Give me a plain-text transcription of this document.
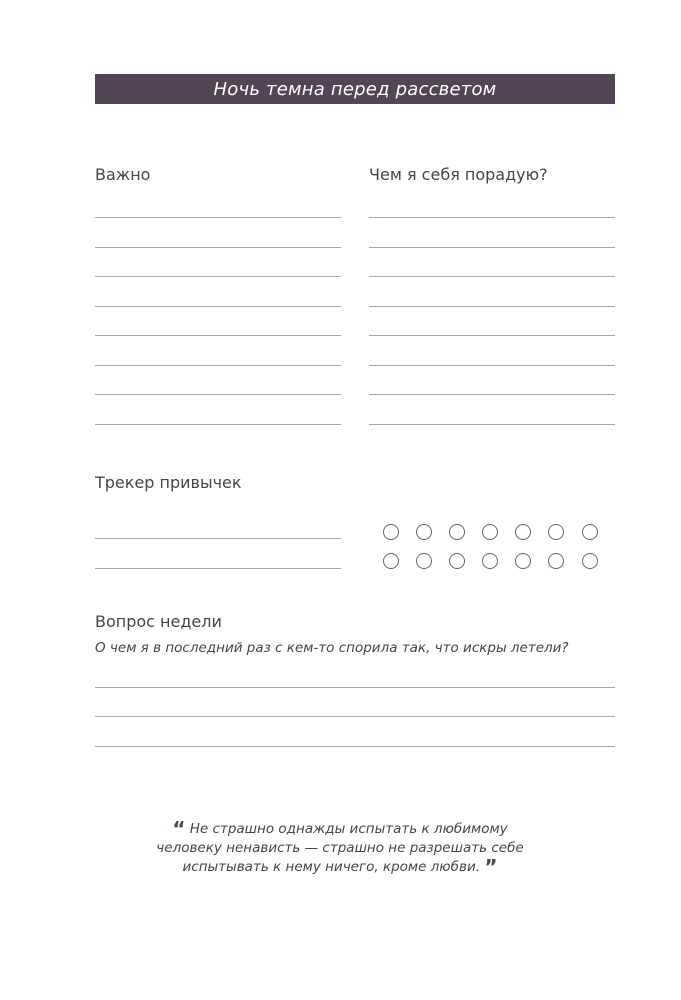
Ночь темна перед рассветом
Важно	Чем я себя порадую?
Трекер привычек
Вопрос недели
О чем я в последний раз с кем-то спорила так, что искры летели?
“ Не страшно однажды испытать к любимому
человеку ненависть — страшно не разрешать себе
испытывать к нему ничего, кроме любви. ”
